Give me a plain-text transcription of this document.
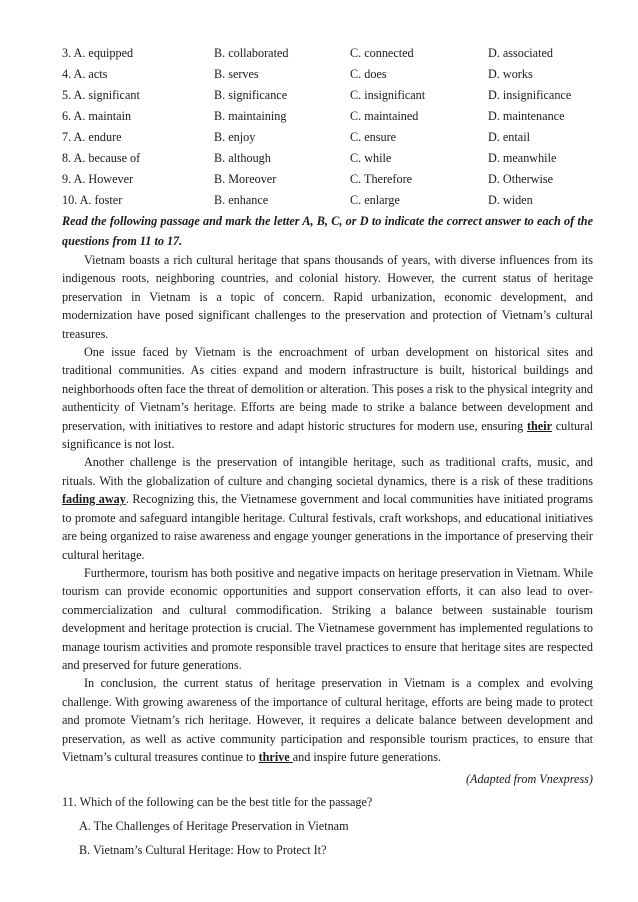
3. A. equipped	B. collaborated	C. connected	D. associated
4. A. acts	B. serves	C. does	D. works
5. A. significant	B. significance	C. insignificant	D. insignificance
6. A. maintain	B. maintaining	C. maintained	D. maintenance
7. A. endure	B. enjoy	C. ensure	D. entail
8. A. because of	B. although	C. while	D. meanwhile
9. A. However	B. Moreover	C. Therefore	D. Otherwise
10. A. foster	B. enhance	C. enlarge	D. widen
Read the following passage and mark the letter A, B, C, or D to indicate the correct answer to each of the questions from 11 to 17.

Vietnam boasts a rich cultural heritage that spans thousands of years, with diverse influences from its indigenous roots, neighboring countries, and colonial history. However, the current status of heritage preservation in Vietnam is a topic of concern. Rapid urbanization, economic development, and modernization have posed significant challenges to the preservation and protection of Vietnam’s cultural treasures.

One issue faced by Vietnam is the encroachment of urban development on historical sites and traditional communities. As cities expand and modern infrastructure is built, historical buildings and neighborhoods often face the threat of demolition or alteration. This poses a risk to the physical integrity and authenticity of Vietnam’s heritage. Efforts are being made to strike a balance between development and preservation, with initiatives to restore and adapt historic structures for modern use, ensuring their cultural significance is not lost.

Another challenge is the preservation of intangible heritage, such as traditional crafts, music, and rituals. With the globalization of culture and changing societal dynamics, there is a risk of these traditions fading away. Recognizing this, the Vietnamese government and local communities have initiated programs to promote and safeguard intangible heritage. Cultural festivals, craft workshops, and educational initiatives are being organized to raise awareness and engage younger generations in the importance of preserving their cultural heritage.

Furthermore, tourism has both positive and negative impacts on heritage preservation in Vietnam. While tourism can provide economic opportunities and support conservation efforts, it can also lead to over-commercialization and cultural commodification. Striking a balance between sustainable tourism development and heritage protection is crucial. The Vietnamese government has implemented regulations to manage tourism activities and promote responsible travel practices to ensure that heritage sites are respected and preserved for future generations.

In conclusion, the current status of heritage preservation in Vietnam is a complex and evolving challenge. With growing awareness of the importance of cultural heritage, efforts are being made to protect and promote Vietnam’s rich heritage. However, it requires a delicate balance between development and preservation, as well as active community participation and responsible tourism practices, to ensure that Vietnam’s cultural treasures continue to thrive and inspire future generations.

(Adapted from Vnexpress)
11. Which of the following can be the best title for the passage?
A. The Challenges of Heritage Preservation in Vietnam
B. Vietnam’s Cultural Heritage: How to Protect It?
